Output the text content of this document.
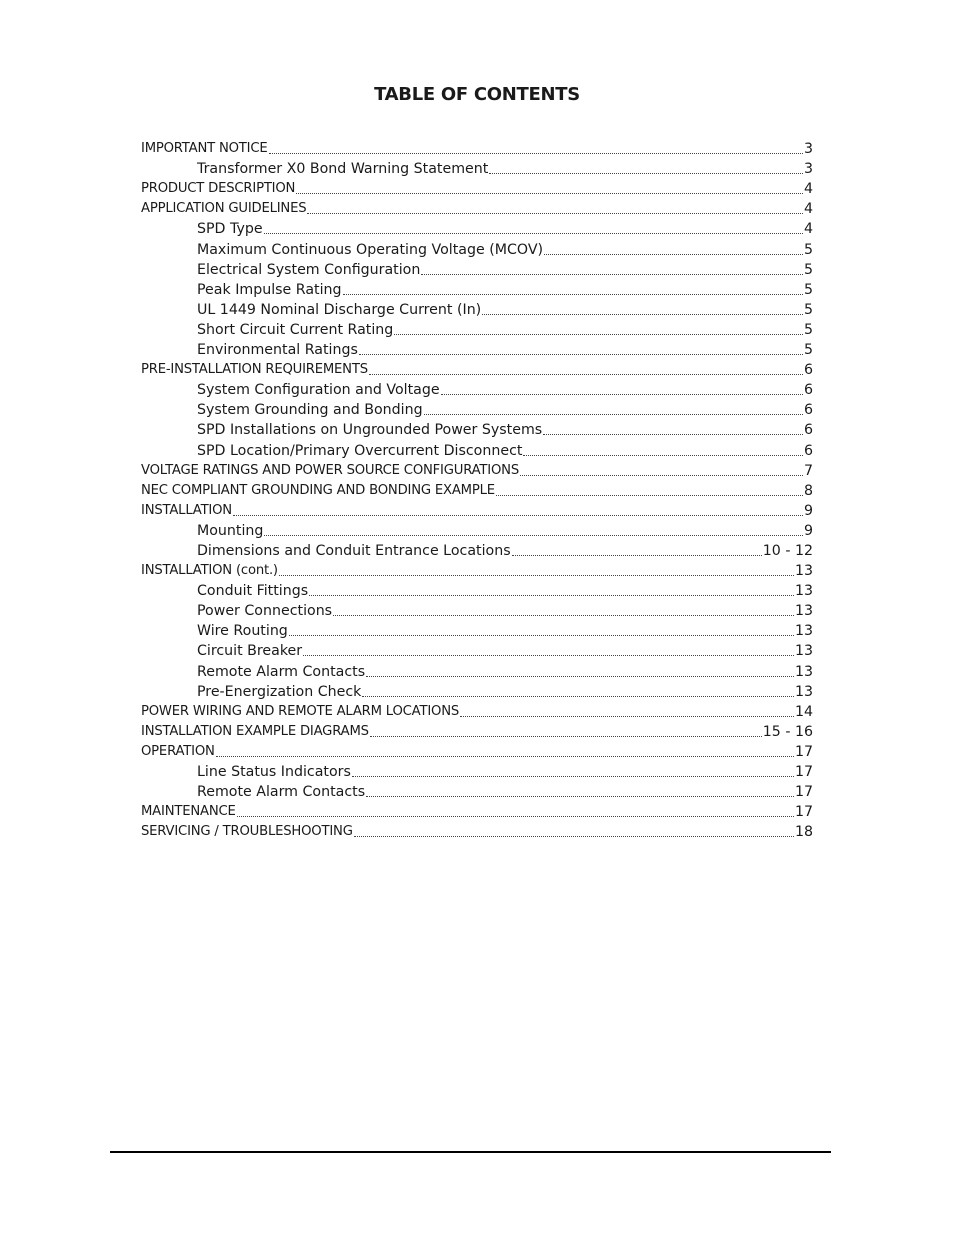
TABLE OF CONTENTS
IMPORTANT NOTICE	3
Transformer X0 Bond Warning Statement	3
PRODUCT DESCRIPTION	4
APPLICATION GUIDELINES	4
SPD Type	4
Maximum Continuous Operating Voltage (MCOV)	5
Electrical System Configuration	5
Peak Impulse Rating	5
UL 1449 Nominal Discharge Current (In)	5
Short Circuit Current Rating	5
Environmental Ratings	5
PRE-INSTALLATION REQUIREMENTS	6
System Configuration and Voltage	6
System Grounding and Bonding	6
SPD Installations on Ungrounded Power Systems	6
SPD Location/Primary Overcurrent Disconnect	6
VOLTAGE RATINGS AND POWER SOURCE CONFIGURATIONS	7
NEC COMPLIANT GROUNDING AND BONDING EXAMPLE	8
INSTALLATION	9
Mounting	9
Dimensions and Conduit Entrance Locations	10 - 12
INSTALLATION (cont.)	13
Conduit Fittings	13
Power Connections	13
Wire Routing	13
Circuit Breaker	13
Remote Alarm Contacts	13
Pre-Energization Check	13
POWER WIRING AND REMOTE ALARM LOCATIONS	14
INSTALLATION EXAMPLE DIAGRAMS	15 - 16
OPERATION	17
Line Status Indicators	17
Remote Alarm Contacts	17
MAINTENANCE	17
SERVICING / TROUBLESHOOTING	18
